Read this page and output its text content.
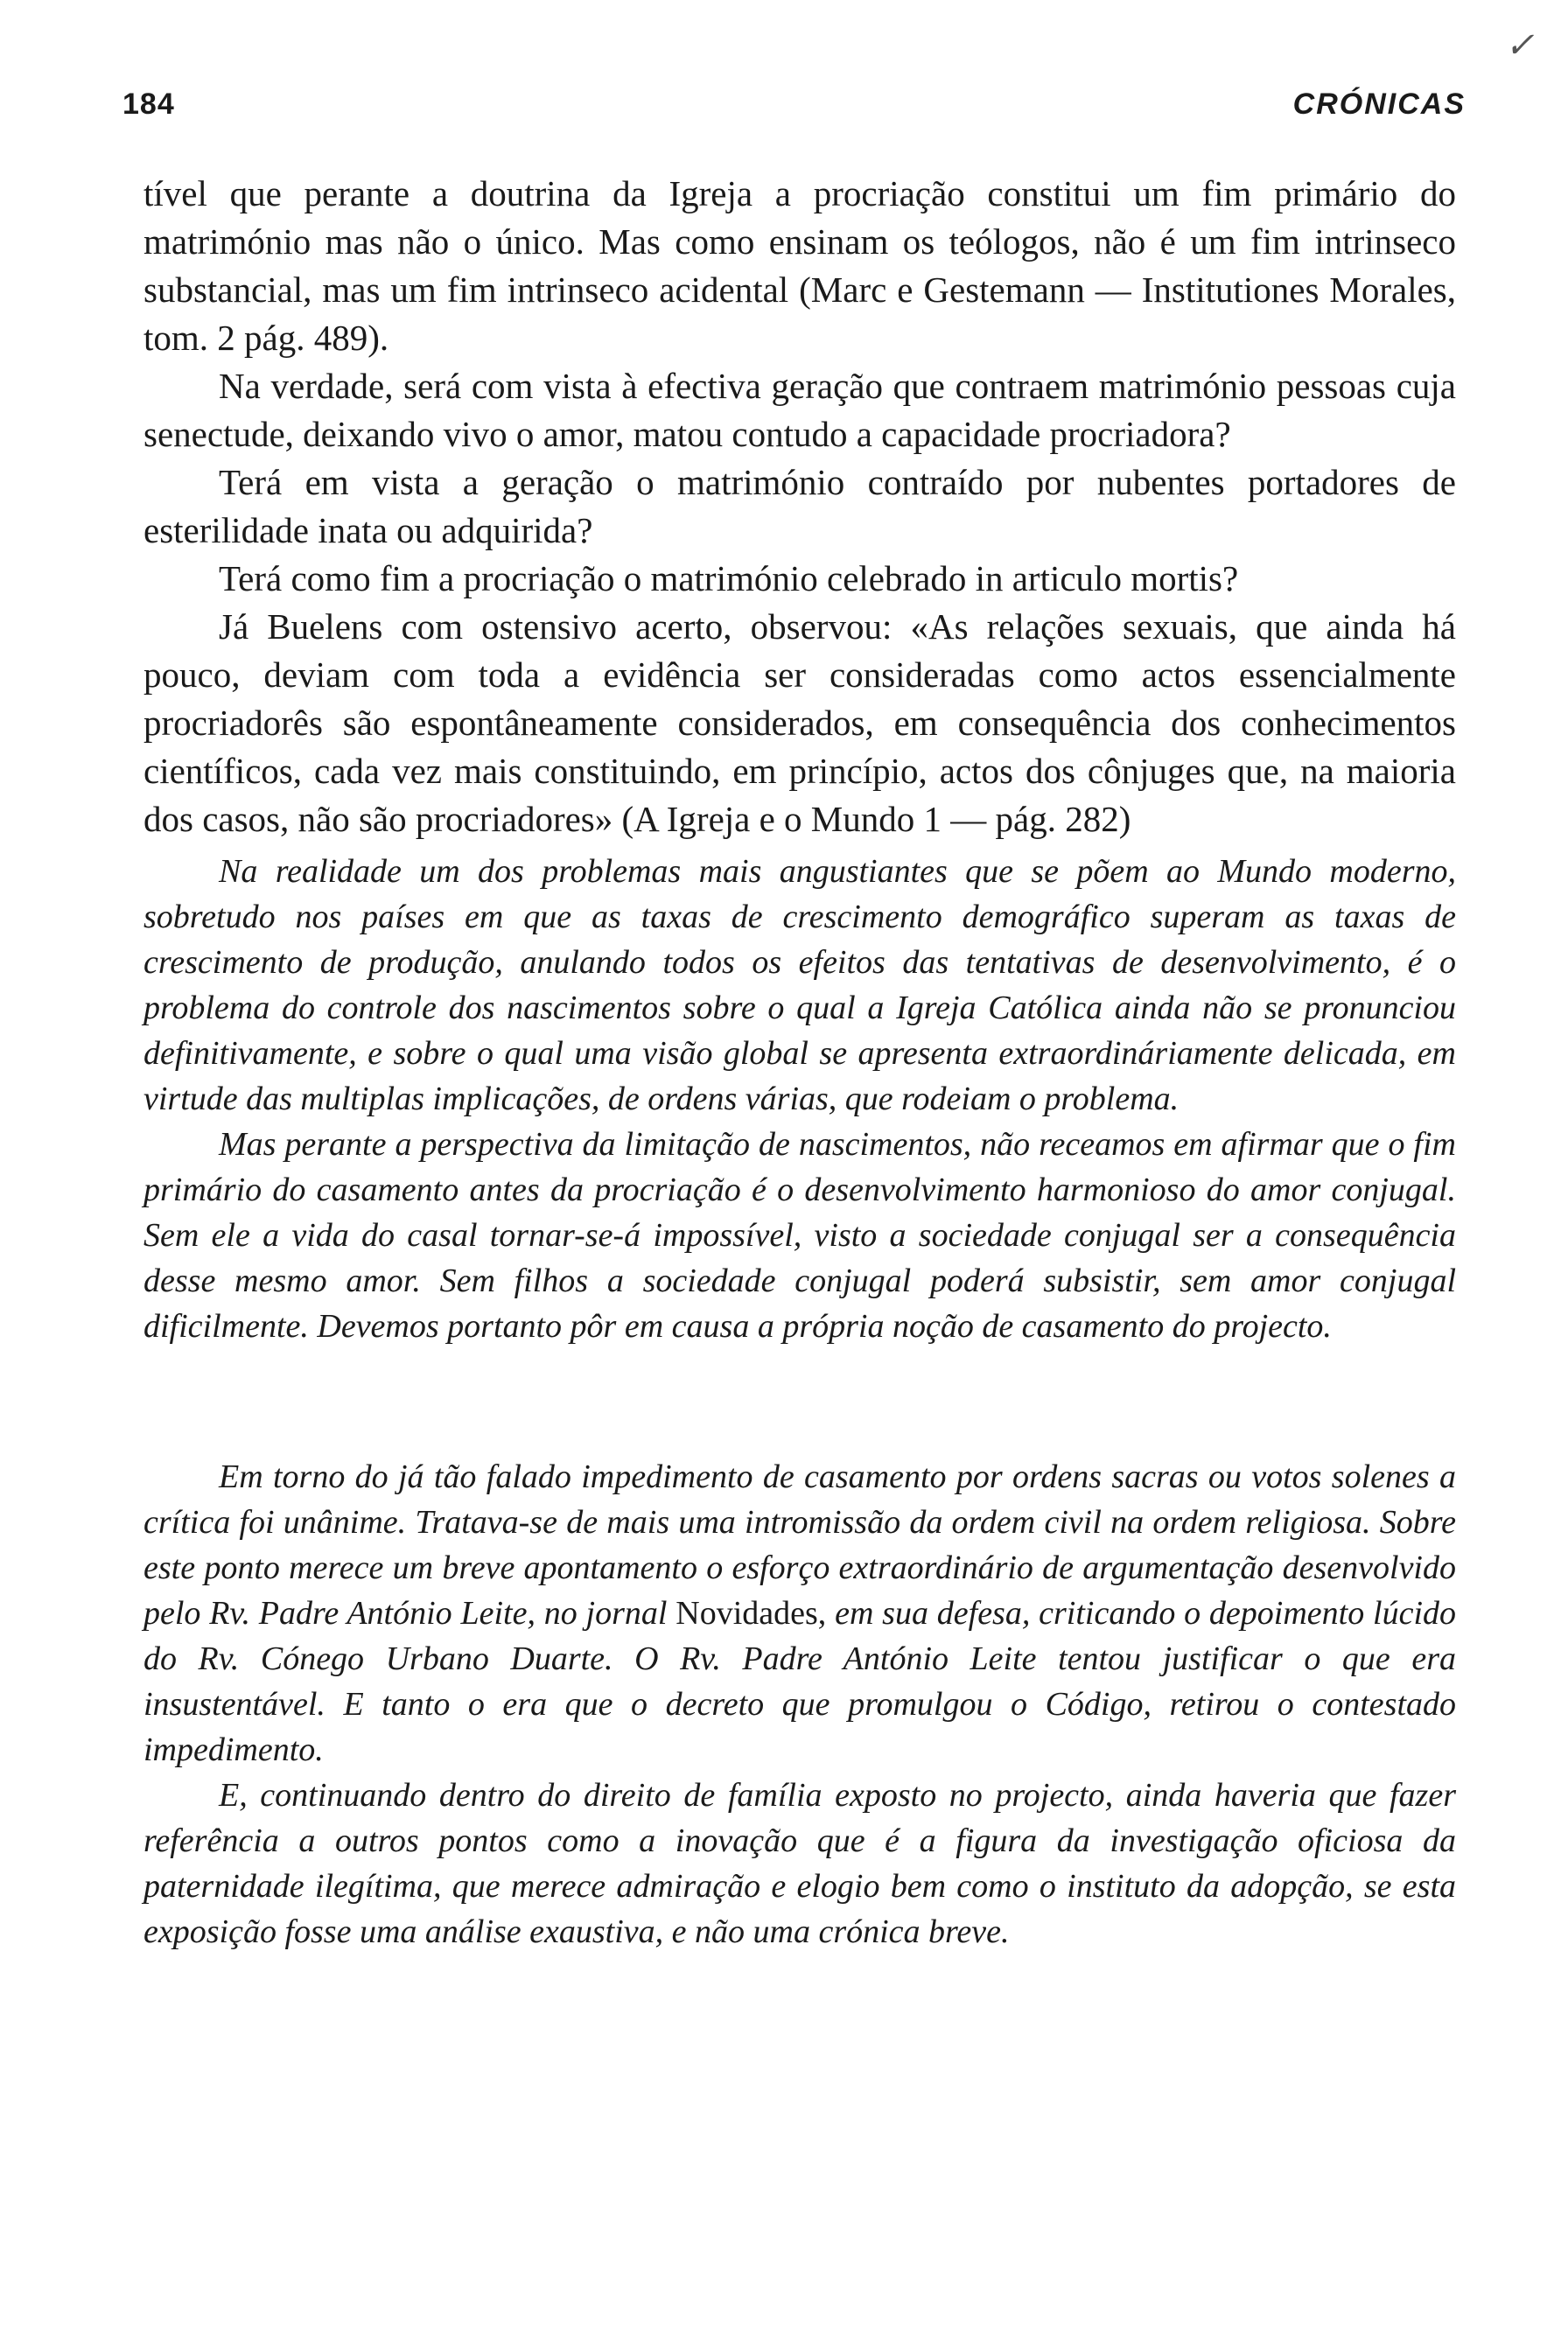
✓
184	CRÓNICAS

tível que perante a doutrina da Igreja a procriação constitui um fim primário do matrimónio mas não o único. Mas como ensinam os teólogos, não é um fim intrinseco substancial, mas um fim intrinseco acidental (Marc e Gestemann — Institutiones Morales, tom. 2 pág. 489).

Na verdade, será com vista à efectiva geração que contraem matrimónio pessoas cuja senectude, deixando vivo o amor, matou contudo a capacidade procriadora?

Terá em vista a geração o matrimónio contraído por nubentes portadores de esterilidade inata ou adquirida?

Terá como fim a procriação o matrimónio celebrado in articulo mortis?

Já Buelens com ostensivo acerto, observou: «As relações sexuais, que ainda há pouco, deviam com toda a evidência ser consideradas como actos essencialmente procriadorês são espontâneamente considerados, em consequência dos conhecimentos científicos, cada vez mais constituindo, em princípio, actos dos cônjuges que, na maioria dos casos, não são procriadores» (A Igreja e o Mundo 1 — pág. 282)

Na realidade um dos problemas mais angustiantes que se põem ao Mundo moderno, sobretudo nos países em que as taxas de crescimento demográfico superam as taxas de crescimento de produção, anulando todos os efeitos das tentativas de desenvolvimento, é o problema do controle dos nascimentos sobre o qual a Igreja Católica ainda não se pronunciou definitivamente, e sobre o qual uma visão global se apresenta extraordináriamente delicada, em virtude das multiplas implicações, de ordens várias, que rodeiam o problema.

Mas perante a perspectiva da limitação de nascimentos, não receamos em afirmar que o fim primário do casamento antes da procriação é o desenvolvimento harmonioso do amor conjugal. Sem ele a vida do casal tornar-se-á impossível, visto a sociedade conjugal ser a consequência desse mesmo amor. Sem filhos a sociedade conjugal poderá subsistir, sem amor conjugal dificilmente. Devemos portanto pôr em causa a própria noção de casamento do projecto.

Em torno do já tão falado impedimento de casamento por ordens sacras ou votos solenes a crítica foi unânime. Tratava-se de mais uma intromissão da ordem civil na ordem religiosa. Sobre este ponto merece um breve apontamento o esforço extraordinário de argumentação desenvolvido pelo Rv. Padre António Leite, no jornal Novidades, em sua defesa, criticando o depoimento lúcido do Rv. Cónego Urbano Duarte. O Rv. Padre António Leite tentou justificar o que era insustentável. E tanto o era que o decreto que promulgou o Código, retirou o contestado impedimento.

E, continuando dentro do direito de família exposto no projecto, ainda haveria que fazer referência a outros pontos como a inovação que é a figura da investigação oficiosa da paternidade ilegítima, que merece admiração e elogio bem como o instituto da adopção, se esta exposição fosse uma análise exaustiva, e não uma crónica breve.
